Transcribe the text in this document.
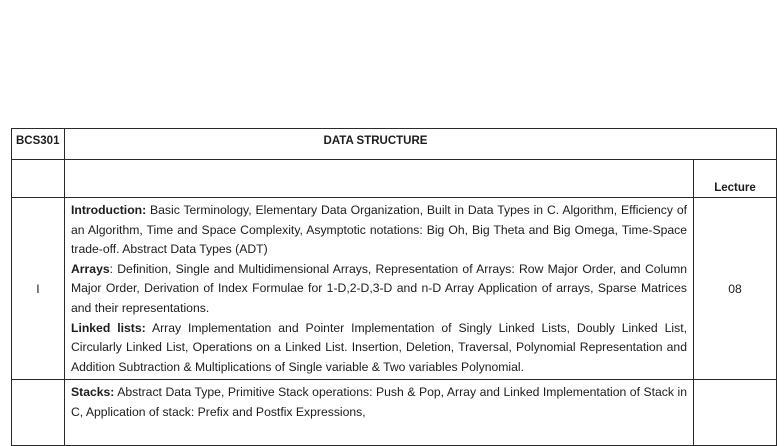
BCS301	DATA STRUCTURE	
		Lecture
I	Introduction: Basic Terminology, Elementary Data Organization, Built in Data Types in C. Algorithm, Efficiency of an Algorithm, Time and Space Complexity, Asymptotic notations: Big Oh, Big Theta and Big Omega, Time-Space trade-off. Abstract Data Types (ADT)

Arrays: Definition, Single and Multidimensional Arrays, Representation of Arrays: Row Major Order, and Column Major Order, Derivation of Index Formulae for 1-D,2-D,3-D and n-D Array Application of arrays, Sparse Matrices and their representations.

Linked lists: Array Implementation and Pointer Implementation of Singly Linked Lists, Doubly Linked List, Circularly Linked List, Operations on a Linked List. Insertion, Deletion, Traversal, Polynomial Representation and Addition Subtraction & Multiplications of Single variable & Two variables Polynomial.	08

	Stacks: Abstract Data Type, Primitive Stack operations: Push & Pop, Array and Linked Implementation of Stack in C, Application of stack: Prefix and Postfix Expressions,	
